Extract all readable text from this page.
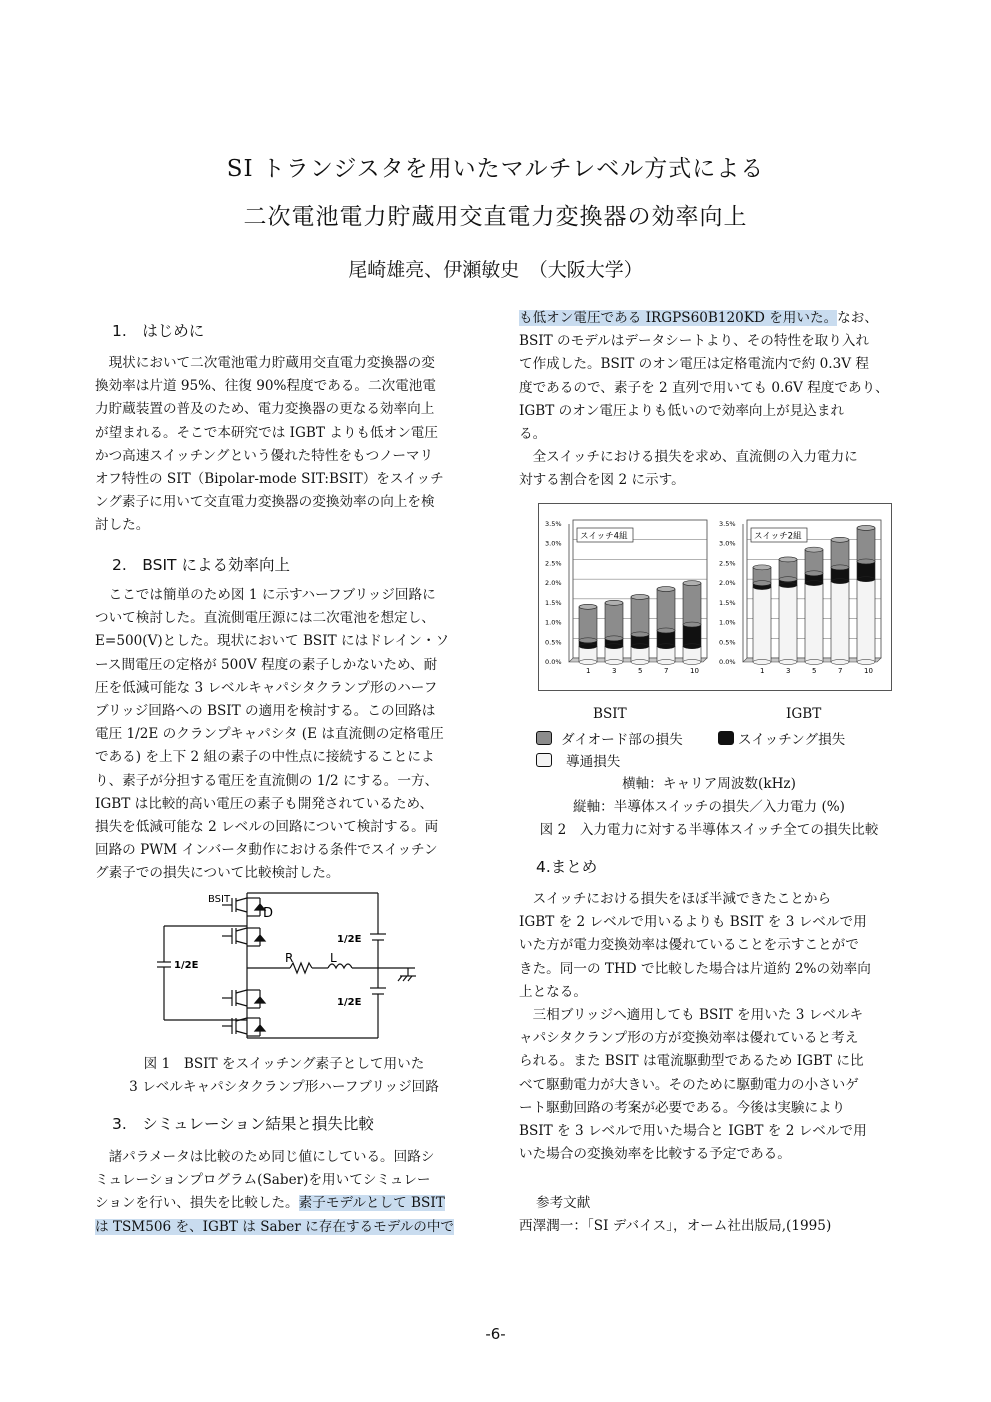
SI トランジスタを用いたマルチレベル方式による
二次電池電力貯蔵用交直電力変換器の効率向上
尾崎雄亮、伊瀬敏史　（大阪大学）
1.　はじめに
　現状において二次電池電力貯蔵用交直電力変換器の変
換効率は片道 95%、往復 90%程度である。二次電池電
力貯蔵装置の普及のため、電力変換器の更なる効率向上
が望まれる。そこで本研究では IGBT よりも低オン電圧
かつ高速スイッチングという優れた特性をもつノーマリ
オフ特性の SIT（Bipolar-mode SIT:BSIT）をスイッチ
ング素子に用いて交直電力変換器の変換効率の向上を検
討した。
2.　BSIT による効率向上
　ここでは簡単のため図 1 に示すハーフブリッジ回路に
ついて検討した。直流側電圧源には二次電池を想定し、
E=500(V)とした。現状において BSIT にはドレイン・ソ
ース間電圧の定格が 500V 程度の素子しかないため、耐
圧を低減可能な 3 レベルキャパシタクランプ形のハーフ
ブリッジ回路への BSIT の適用を検討する。この回路は
電圧 1/2E のクランプキャパシタ (E は直流側の定格電圧
である) を上下 2 組の素子の中性点に接続することによ
り、素子が分担する電圧を直流側の 1/2 にする。一方、
IGBT は比較的高い電圧の素子も開発されているため、
損失を低減可能な 2 レベルの回路について検討する。両
回路の PWM インバータ動作における条件でスイッチン
グ素子での損失について比較検討した。
BSIT
D
1/2E
1/2E
1/2E
R	L
図 1　BSIT をスイッチング素子として用いた
3 レベルキャパシタクランプ形ハーフブリッジ回路
3.　シミュレーション結果と損失比較
　諸パラメータは比較のため同じ値にしている。回路シ
ミュレーションプログラム(Saber)を用いてシミュレー
ションを行い、損失を比較した。素子モデルとして BSIT
は TSM506 を、IGBT は Saber に存在するモデルの中で
も低オン電圧である IRGPS60B120KD を用いた。なお、
BSIT のモデルはデータシートより、その特性を取り入れ
て作成した。BSIT のオン電圧は定格電流内で約 0.3V 程
度であるので、素子を 2 直列で用いても 0.6V 程度であり、
IGBT のオン電圧よりも低いので効率向上が見込まれ
る。
　全スイッチにおける損失を求め、直流側の入力電力に
対する割合を図 2 に示す。
0.0%
0.5%
1.0%
1.5%
2.0%
2.5%
3.0%
3.5%
スイッチ4組
1	3	5	7	10
0.0%
0.5%
1.0%
1.5%
2.0%
2.5%
3.0%
3.5%
スイッチ2組
1	3	5	7	10
BSIT	IGBT
ダイオード部の損失	スイッチング損失
導通損失
横軸：キャリア周波数(kHz)
縦軸：半導体スイッチの損失／入力電力 (%)
図 2　入力電力に対する半導体スイッチ全ての損失比較
4.まとめ
　スイッチにおける損失をほぼ半減できたことから
IGBT を 2 レベルで用いるよりも BSIT を 3 レベルで用
いた方が電力変換効率は優れていることを示すことがで
きた。同一の THD で比較した場合は片道約 2%の効率向
上となる。
　三相ブリッジへ適用しても BSIT を用いた 3 レベルキ
ャパシタクランプ形の方が変換効率は優れていると考え
られる。また BSIT は電流駆動型であるため IGBT に比
べて駆動電力が大きい。そのために駆動電力の小さいゲ
ート駆動回路の考案が必要である。今後は実験により
BSIT を 3 レベルで用いた場合と IGBT を 2 レベルで用
いた場合の変換効率を比較する予定である。
参考文献
西澤潤一：「SI デバイス」，オーム社出版局,(1995)
-6-
